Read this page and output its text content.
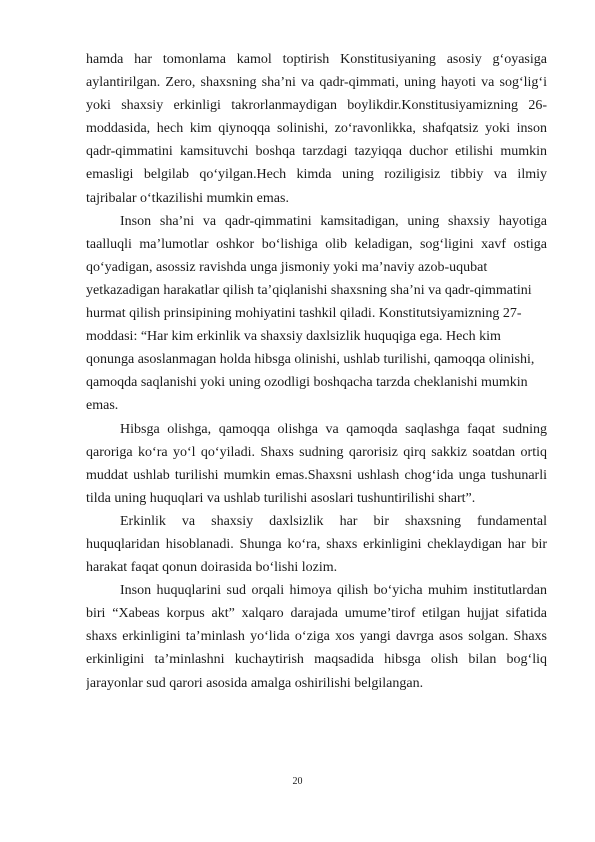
hamda har tomonlama kamol toptirish Konstitusiyaning asosiy g‘oyasiga
aylantirilgan. Zero, shaxsning sha’ni va qadr-qimmati, uning hayoti va sog‘lig‘i
yoki shaxsiy erkinligi takrorlanmaydigan boylikdir.Konstitusiyamizning 26-
moddasida, hech kim qiynoqqa solinishi, zo‘ravonlikka, shafqatsiz yoki inson
qadr-qimmatini kamsituvchi boshqa tarzdagi tazyiqqa duchor etilishi mumkin
emasligi belgilab qo‘yilgan.Hech kimda uning roziligisiz tibbiy va ilmiy
tajribalar o‘tkazilishi mumkin emas.
Inson sha’ni va qadr-qimmatini kamsitadigan, uning shaxsiy hayotiga
taalluqli ma’lumotlar oshkor bo‘lishiga olib keladigan, sog‘ligini xavf ostiga
qo‘yadigan, asossiz ravishda unga jismoniy yoki ma’naviy azob-uqubat
yetkazadigan harakatlar qilish ta’qiqlanishi shaxsning sha’ni va qadr-qimmatini
hurmat qilish prinsipining mohiyatini tashkil qiladi. Konstitutsiyamizning 27-
moddasi: “Har kim erkinlik va shaxsiy daxlsizlik huquqiga ega. Hech kim
qonunga asoslanmagan holda hibsga olinishi, ushlab turilishi, qamoqqa olinishi,
qamoqda saqlanishi yoki uning ozodligi boshqacha tarzda cheklanishi mumkin
emas.
Hibsga olishga, qamoqqa olishga va qamoqda saqlashga faqat sudning
qaroriga ko‘ra yo‘l qo‘yiladi. Shaxs sudning qarorisiz qirq sakkiz soatdan ortiq
muddat ushlab turilishi mumkin emas.Shaxsni ushlash chog‘ida unga tushunarli
tilda uning huquqlari va ushlab turilishi asoslari tushuntirilishi shart”.
Erkinlik va shaxsiy daxlsizlik har bir shaxsning fundamental
huquqlaridan hisoblanadi. Shunga ko‘ra, shaxs erkinligini cheklaydigan har bir
harakat faqat qonun doirasida bo‘lishi lozim.
Inson huquqlarini sud orqali himoya qilish bo‘yicha muhim institutlardan
biri “Xabeas korpus akt” xalqaro darajada umume’tirof etilgan hujjat sifatida
shaxs erkinligini ta’minlash yo‘lida o‘ziga xos yangi davrga asos solgan. Shaxs
erkinligini ta’minlashni kuchaytirish maqsadida hibsga olish bilan bog‘liq
jarayonlar sud qarori asosida amalga oshirilishi belgilangan.
20
